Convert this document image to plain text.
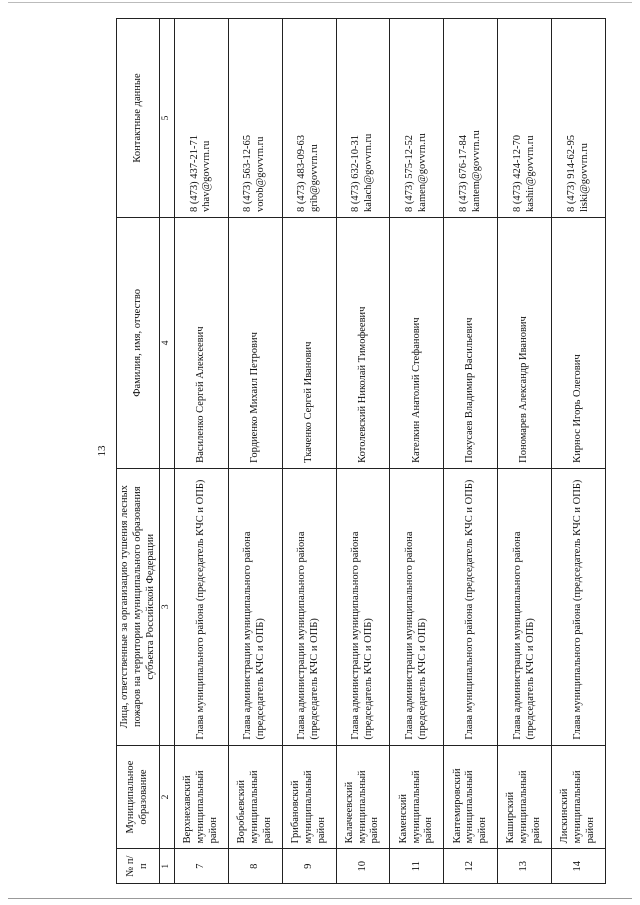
13
№ п/п	Муниципальное образование	Лица, ответственные за организацию тушения лесных пожаров на территории муниципального образования субъекта Российской Федерации	Фамилия, имя, отчество	Контактные данные
1	2	3	4	5
7	Верхнехавский муниципальный район	Глава муниципального района (председатель КЧС и ОПБ)	Василенко Сергей Алексеевич	8 (473) 437-21-71 vhav@govvrn.ru

8	Воробьевский муниципальный район	Глава администрации муниципального района (председатель КЧС и ОПБ)	Гордиенко Михаил Петрович	8 (473) 563-12-65 vorob@govvrn.ru

9	Грибановский муниципальный район	Глава администрации муниципального района (председатель КЧС и ОПБ)	Ткаченко Сергей Иванович	8 (473) 483-09-63 grib@govvrn.ru

10	Калачеевский муниципальный район	Глава администрации муниципального района (председатель КЧС и ОПБ)	Котолевский Николай Тимофеевич	8 (473) 632-10-31 kalach@govvrn.ru

11	Каменский муниципальный район	Глава администрации муниципального района (председатель КЧС и ОПБ)	Кателкин Анатолий Стефанович	8 (473) 575-12-52 kamen@govvrn.ru

12	Кантемировский муниципальный район	Глава муниципального района (председатель КЧС и ОПБ)	Покусаев Владимир Васильевич	8 (473) 676-17-84 kantem@govvrn.ru

13	Каширский муниципальный район	Глава администрации муниципального района (председатель КЧС и ОПБ)	Пономарев Александр Иванович	8 (473) 424-12-70 kashir@govvrn.ru

14	Лискинский муниципальный район	Глава муниципального района (председатель КЧС и ОПБ)	Кирнос Игорь Олегович	8 (473) 914-62-95 liski@govvrn.ru
